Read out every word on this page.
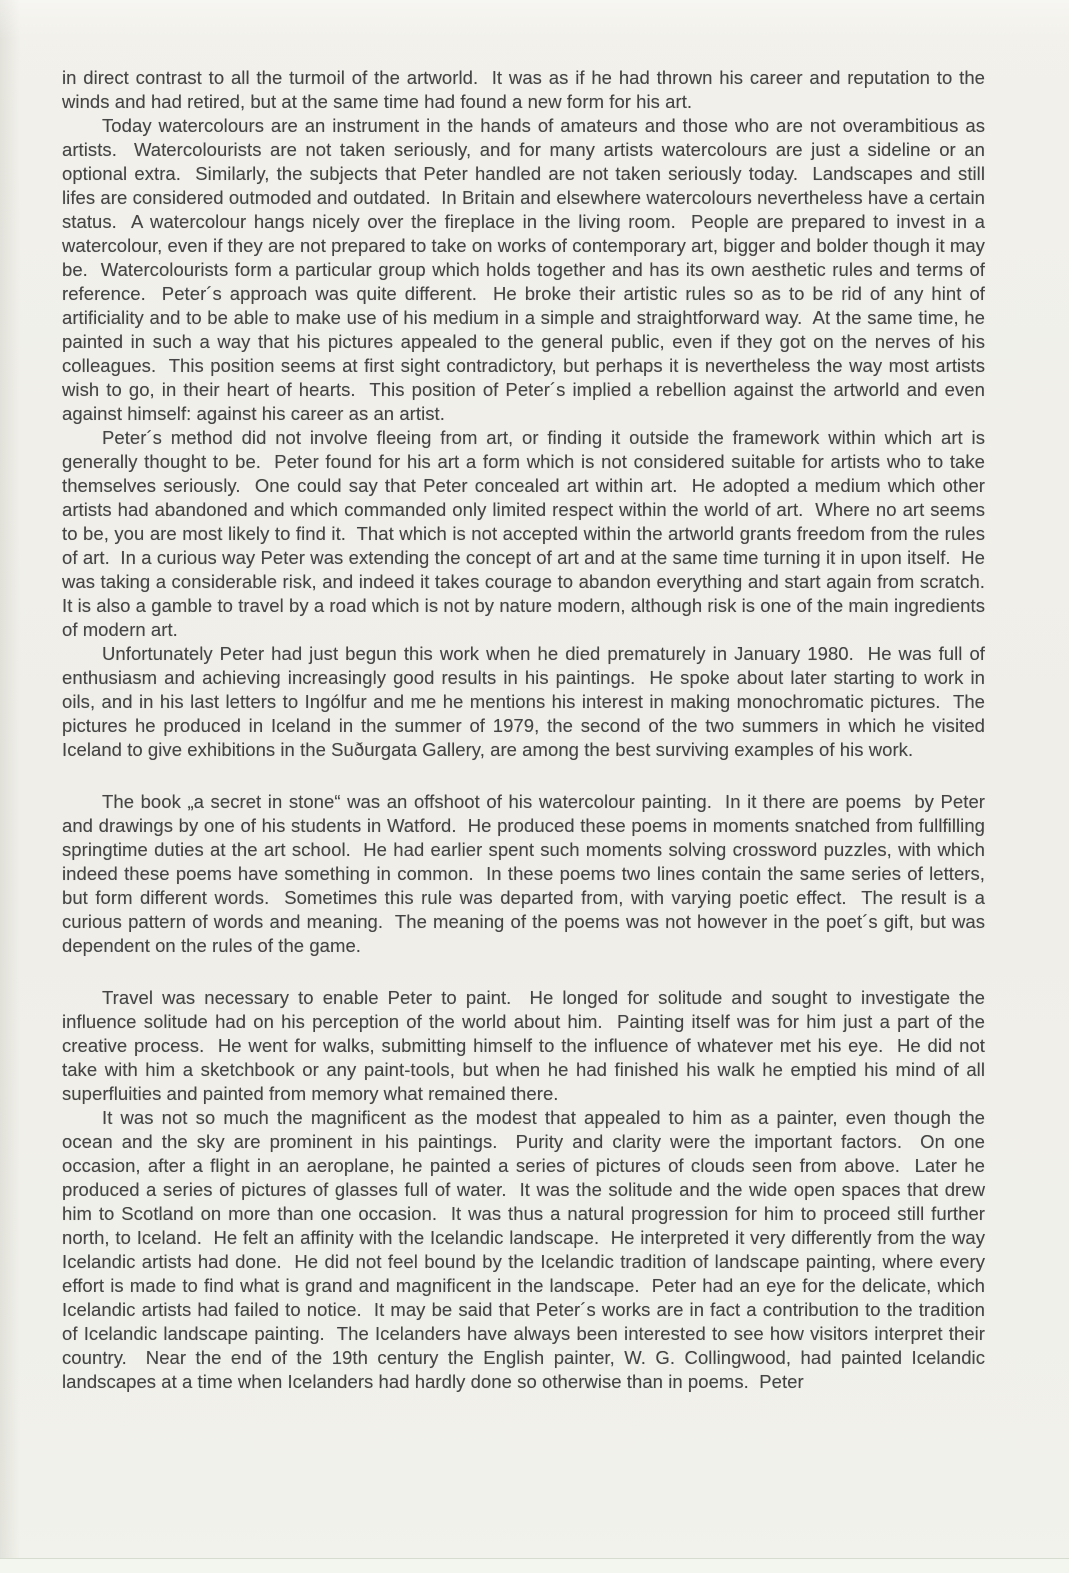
in direct contrast to all the turmoil of the artworld.  It was as if he had thrown his career and reputation to the winds and had retired, but at the same time had found a new form for his art.

Today watercolours are an instrument in the hands of amateurs and those who are not overambitious as artists.  Watercolourists are not taken seriously, and for many artists watercolours are just a sideline or an optional extra.  Similarly, the subjects that Peter handled are not taken seriously today.  Landscapes and still lifes are considered outmoded and outdated.  In Britain and elsewhere watercolours nevertheless have a certain status.  A watercolour hangs nicely over the fireplace in the living room.  People are prepared to invest in a watercolour, even if they are not prepared to take on works of contemporary art, bigger and bolder though it may be.  Watercolourists form a particular group which holds together and has its own aesthetic rules and terms of reference.  Peter´s approach was quite different.  He broke their artistic rules so as to be rid of any hint of artificiality and to be able to make use of his medium in a simple and straightforward way.  At the same time, he painted in such a way that his pictures appealed to the general public, even if they got on the nerves of his colleagues.  This position seems at first sight contradictory, but perhaps it is nevertheless the way most artists wish to go, in their heart of hearts.  This position of Peter´s implied a rebellion against the artworld and even against himself: against his career as an artist.

Peter´s method did not involve fleeing from art, or finding it outside the framework within which art is generally thought to be.  Peter found for his art a form which is not considered suitable for artists who to take themselves seriously.  One could say that Peter concealed art within art.  He adopted a medium which other artists had abandoned and which commanded only limited respect within the world of art.  Where no art seems to be, you are most likely to find it.  That which is not accepted within the artworld grants freedom from the rules of art.  In a curious way Peter was extending the concept of art and at the same time turning it in upon itself.  He was taking a considerable risk, and indeed it takes courage to abandon everything and start again from scratch.  It is also a gamble to travel by a road which is not by nature modern, although risk is one of the main ingredients of modern art.

Unfortunately Peter had just begun this work when he died prematurely in January 1980.  He was full of enthusiasm and achieving increasingly good results in his paintings.  He spoke about later starting to work in oils, and in his last letters to Ingólfur and me he mentions his interest in making monochromatic pictures.  The pictures he produced in Iceland in the summer of 1979, the second of the two summers in which he visited Iceland to give exhibitions in the Suðurgata Gallery, are among the best surviving examples of his work.

The book „a secret in stone“ was an offshoot of his watercolour painting.  In it there are poems  by Peter and drawings by one of his students in Watford.  He produced these poems in moments snatched from fullfilling springtime duties at the art school.  He had earlier spent such moments solving crossword puzzles, with which indeed these poems have something in common.  In these poems two lines contain the same series of letters, but form different words.  Sometimes this rule was departed from, with varying poetic effect.  The result is a curious pattern of words and meaning.  The meaning of the poems was not however in the poet´s gift, but was dependent on the rules of the game.

Travel was necessary to enable Peter to paint.  He longed for solitude and sought to investigate the influence solitude had on his perception of the world about him.  Painting itself was for him just a part of the creative process.  He went for walks, submitting himself to the influence of whatever met his eye.  He did not take with him a sketchbook or any paint-tools, but when he had finished his walk he emptied his mind of all superfluities and painted from memory what remained there.

It was not so much the magnificent as the modest that appealed to him as a painter, even though the ocean and the sky are prominent in his paintings.  Purity and clarity were the important factors.  On one occasion, after a flight in an aeroplane, he painted a series of pictures of clouds seen from above.  Later he produced a series of pictures of glasses full of water.  It was the solitude and the wide open spaces that drew him to Scotland on more than one occasion.  It was thus a natural progression for him to proceed still further north, to Iceland.  He felt an affinity with the Icelandic landscape.  He interpreted it very differently from the way Icelandic artists had done.  He did not feel bound by the Icelandic tradition of landscape painting, where every effort is made to find what is grand and magnificent in the landscape.  Peter had an eye for the delicate, which Icelandic artists had failed to notice.  It may be said that Peter´s works are in fact a contribution to the tradition of Icelandic landscape painting.  The Icelanders have always been interested to see how visitors interpret their country.  Near the end of the 19th century the English painter, W. G. Collingwood, had painted Icelandic landscapes at a time when Icelanders had hardly done so otherwise than in poems.  Peter
